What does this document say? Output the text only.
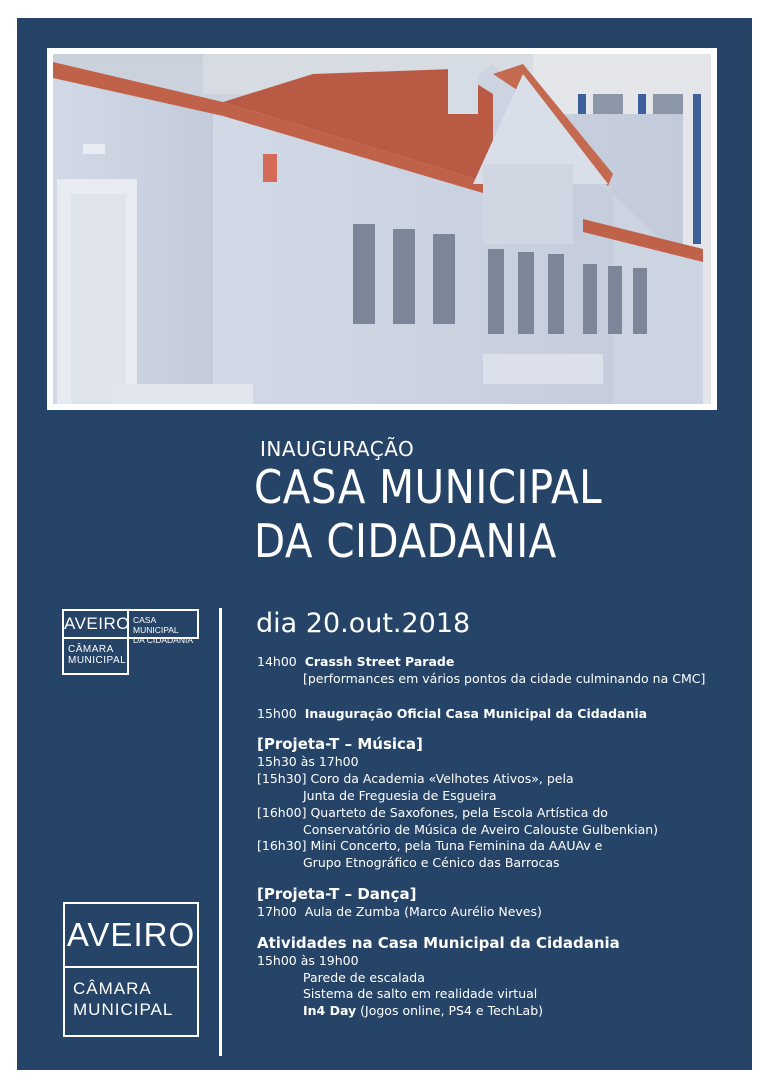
INAUGURAÇÃO
CASA MUNICIPAL
DA CIDADANIA
AVEIRO CASA MUNICIPAL
DA CIDADANIA
CÂMARA
MUNICIPAL
AVEIRO
CÂMARA
MUNICIPAL
dia 20.out.2018
14h00 Crassh Street Parade
[performances em vários pontos da cidade culminando na CMC]
15h00 Inauguração Oficial Casa Municipal da Cidadania
[Projeta-T – Música]
15h30 às 17h00
[15h30] Coro da Academia «Velhotes Ativos», pela
Junta de Freguesia de Esgueira
[16h00] Quarteto de Saxofones, pela Escola Artística do
Conservatório de Música de Aveiro Calouste Gulbenkian)
[16h30] Mini Concerto, pela Tuna Feminina da AAUAv e
Grupo Etnográfico e Cénico das Barrocas
[Projeta-T – Dança]
17h00 Aula de Zumba (Marco Aurélio Neves)
Atividades na Casa Municipal da Cidadania
15h00 às 19h00
Parede de escalada
Sistema de salto em realidade virtual
In4 Day (Jogos online, PS4 e TechLab)
